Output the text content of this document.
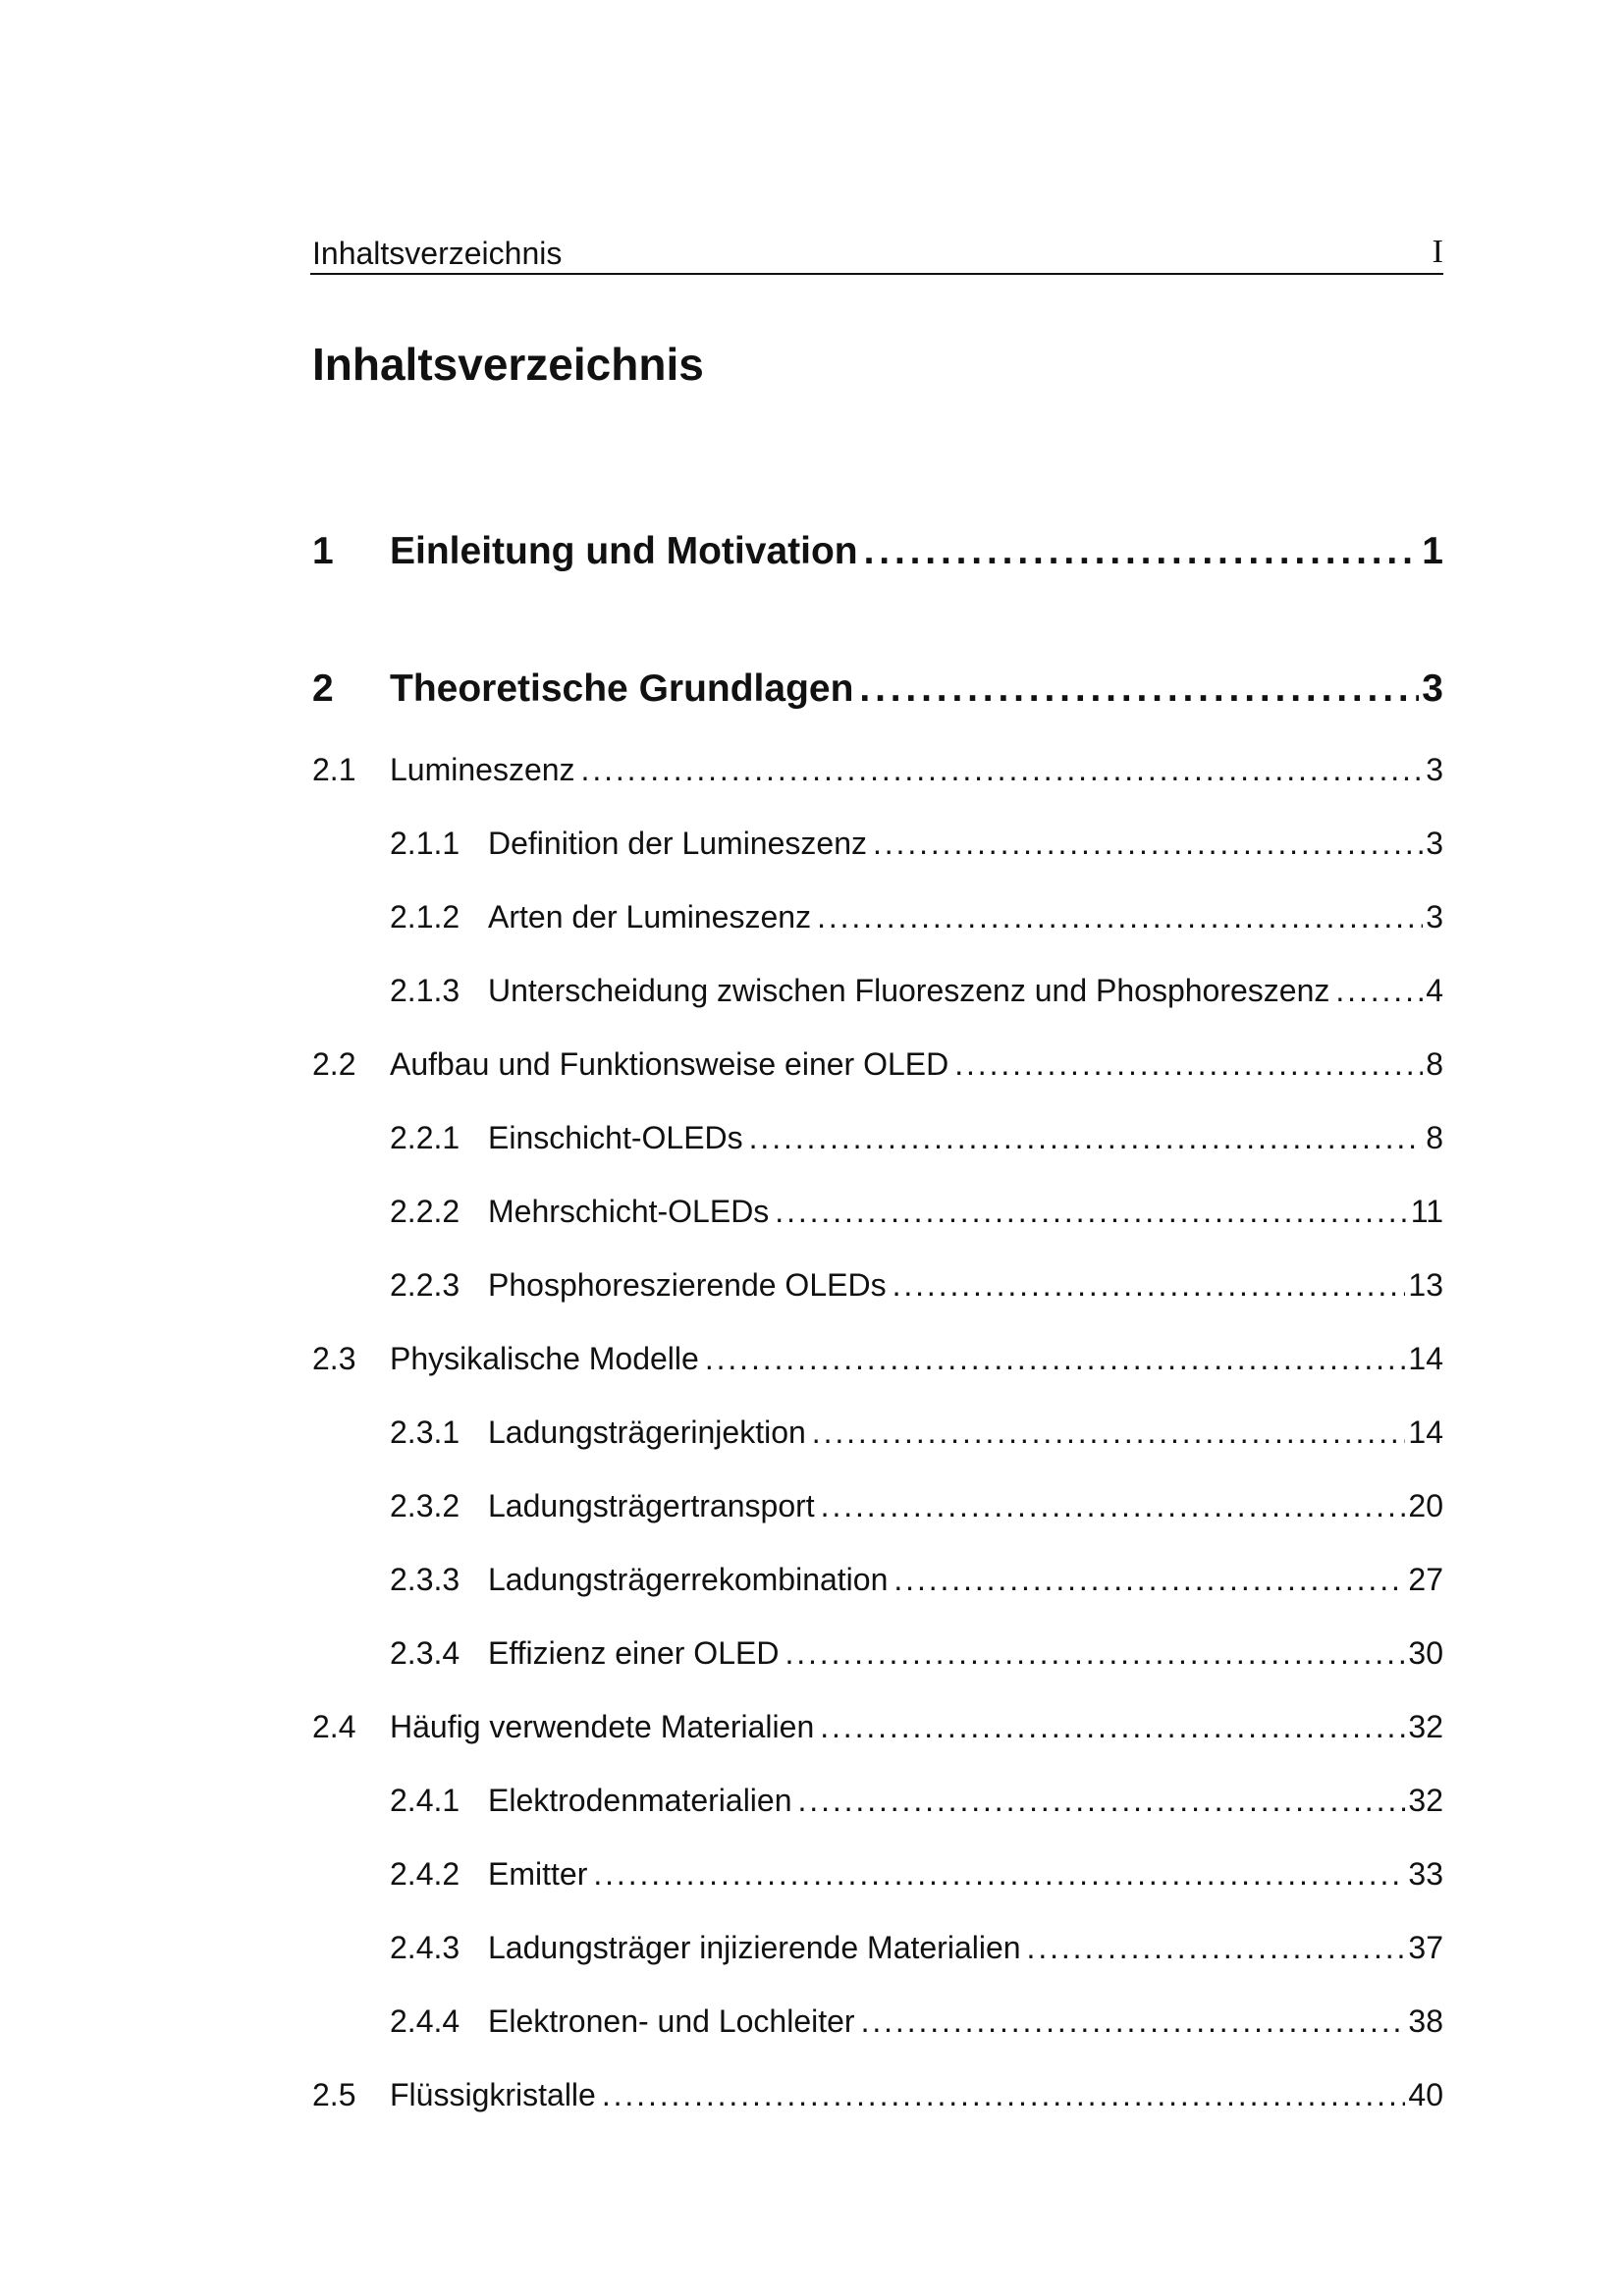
Inhaltsverzeichnis	I
Inhaltsverzeichnis
1	Einleitung und Motivation . . .	1
2	Theoretische Grundlagen . . .	3
2.1	Lumineszenz . . .	3
2.1.1 Definition der Lumineszenz . . .	3
2.1.2 Arten der Lumineszenz . . .	3
2.1.3 Unterscheidung zwischen Fluoreszenz und Phosphoreszenz . . .	4
2.2	Aufbau und Funktionsweise einer OLED . . .	8
2.2.1 Einschicht-OLEDs . . .	8
2.2.2 Mehrschicht-OLEDs . . .	11
2.2.3 Phosphoreszierende OLEDs . . .	13
2.3	Physikalische Modelle . . .	14
2.3.1 Ladungsträgerinjektion . . .	14
2.3.2 Ladungsträgertransport . . .	20
2.3.3 Ladungsträgerrekombination . . .	27
2.3.4 Effizienz einer OLED . . .	30
2.4	Häufig verwendete Materialien . . .	32
2.4.1 Elektrodenmaterialien . . .	32
2.4.2 Emitter . . .	33
2.4.3 Ladungsträger injizierende Materialien . . .	37
2.4.4 Elektronen- und Lochleiter . . .	38
2.5	Flüssigkristalle . . .	40
